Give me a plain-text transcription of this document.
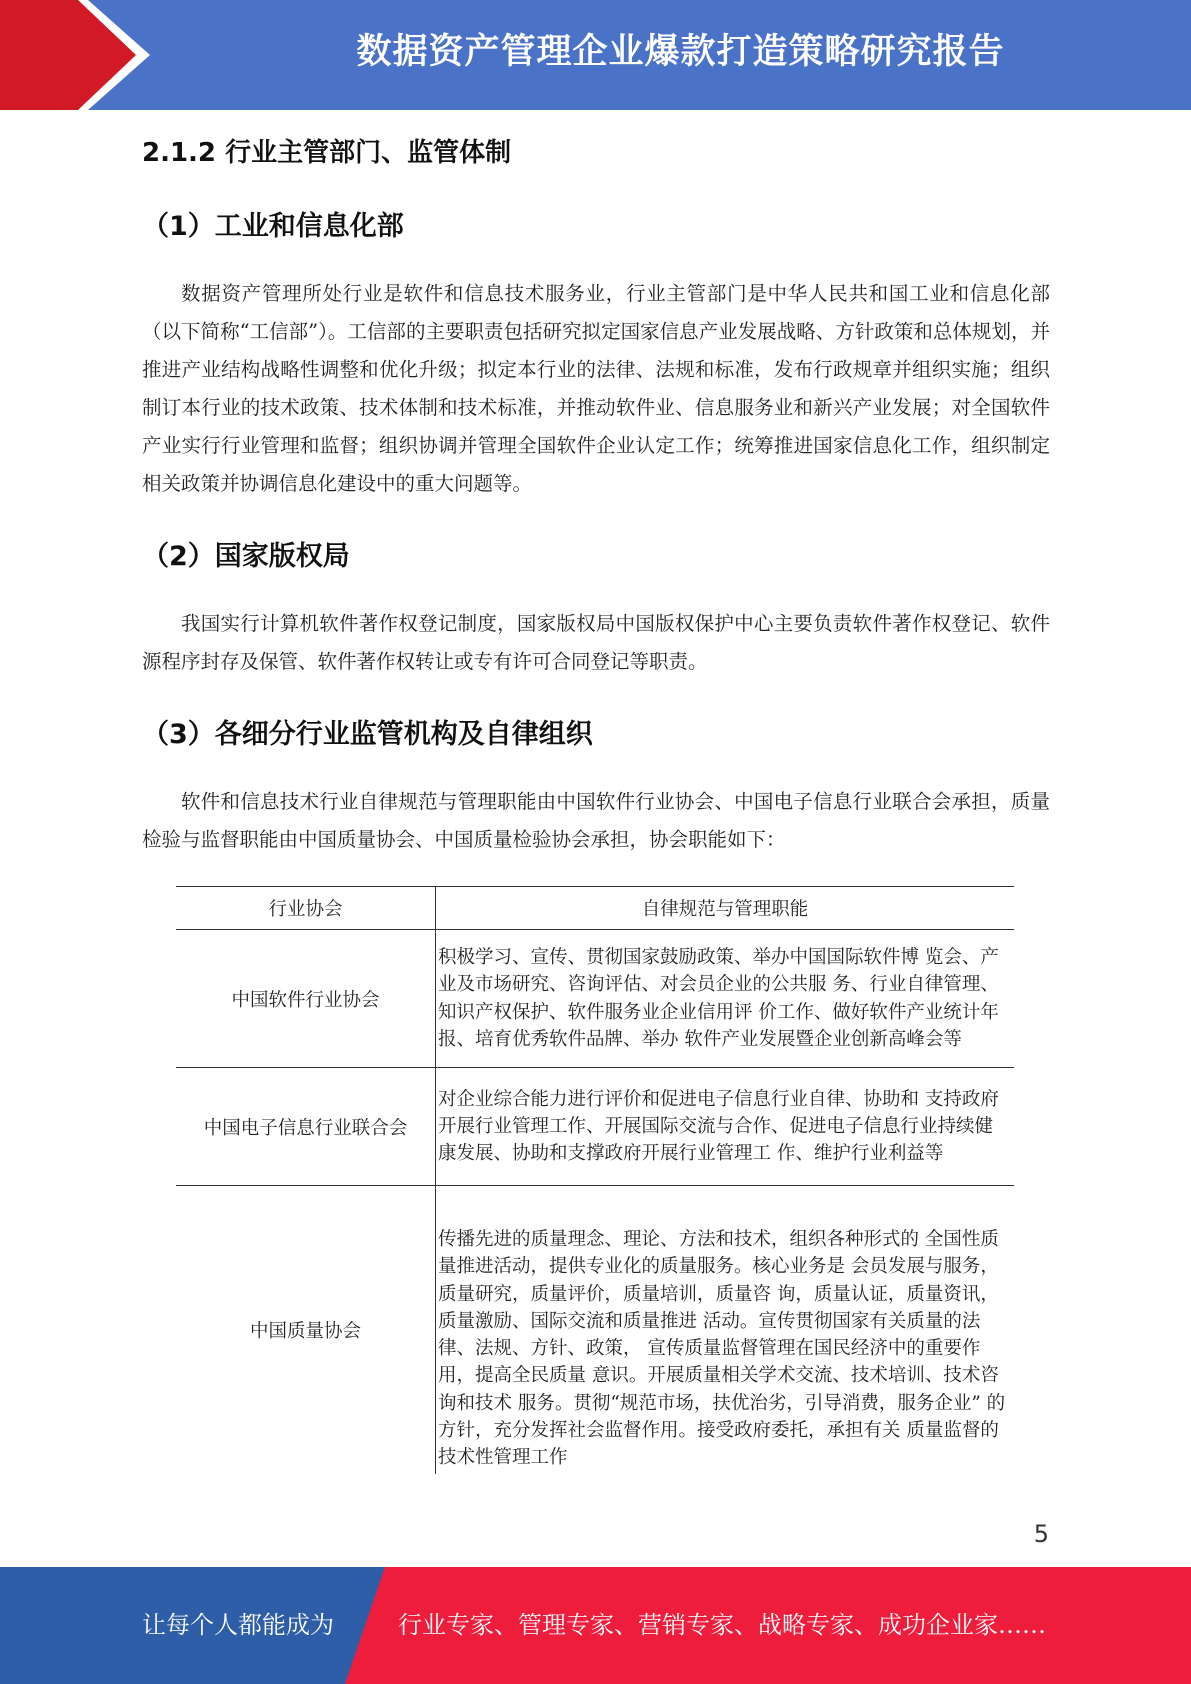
数据资产管理企业爆款打造策略研究报告
2.1.2 行业主管部门、监管体制
（1）工业和信息化部
数据资产管理所处行业是软件和信息技术服务业，行业主管部门是中华人民共和国工业和信息化部（以下简称“工信部”）。工信部的主要职责包括研究拟定国家信息产业发展战略、方针政策和总体规划，并推进产业结构战略性调整和优化升级；拟定本行业的法律、法规和标准，发布行政规章并组织实施；组织制订本行业的技术政策、技术体制和技术标准，并推动软件业、信息服务业和新兴产业发展；对全国软件产业实行行业管理和监督；组织协调并管理全国软件企业认定工作；统筹推进国家信息化工作，组织制定相关政策并协调信息化建设中的重大问题等。
（2）国家版权局
我国实行计算机软件著作权登记制度，国家版权局中国版权保护中心主要负责软件著作权登记、软件源程序封存及保管、软件著作权转让或专有许可合同登记等职责。
（3）各细分行业监管机构及自律组织
软件和信息技术行业自律规范与管理职能由中国软件行业协会、中国电子信息行业联合会承担，质量检验与监督职能由中国质量协会、中国质量检验协会承担，协会职能如下：
行业协会	自律规范与管理职能
中国软件行业协会	积极学习、宣传、贯彻国家鼓励政策、举办中国国际软件博 览会、产业及市场研究、咨询评估、对会员企业的公共服 务、行业自律管理、知识产权保护、软件服务业企业信用评 价工作、做好软件产业统计年报、培育优秀软件品牌、举办 软件产业发展暨企业创新高峰会等
中国电子信息行业联合会	对企业综合能力进行评价和促进电子信息行业自律、协助和 支持政府开展行业管理工作、开展国际交流与合作、促进电子信息行业持续健康发展、协助和支撑政府开展行业管理工 作、维护行业利益等
中国质量协会	传播先进的质量理念、理论、方法和技术，组织各种形式的 全国性质量推进活动，提供专业化的质量服务。核心业务是 会员发展与服务，质量研究，质量评价，质量培训，质量咨 询，质量认证，质量资讯，质量激励、国际交流和质量推进 活动。宣传贯彻国家有关质量的法律、法规、方针、政策， 宣传质量监督管理在国民经济中的重要作用，提高全民质量 意识。开展质量相关学术交流、技术培训、技术咨询和技术 服务。贯彻“规范市场，扶优治劣，引导消费，服务企业” 的方针，充分发挥社会监督作用。接受政府委托，承担有关 质量监督的技术性管理工作
5
让每个人都能成为	行业专家、管理专家、营销专家、战略专家、成功企业家……
